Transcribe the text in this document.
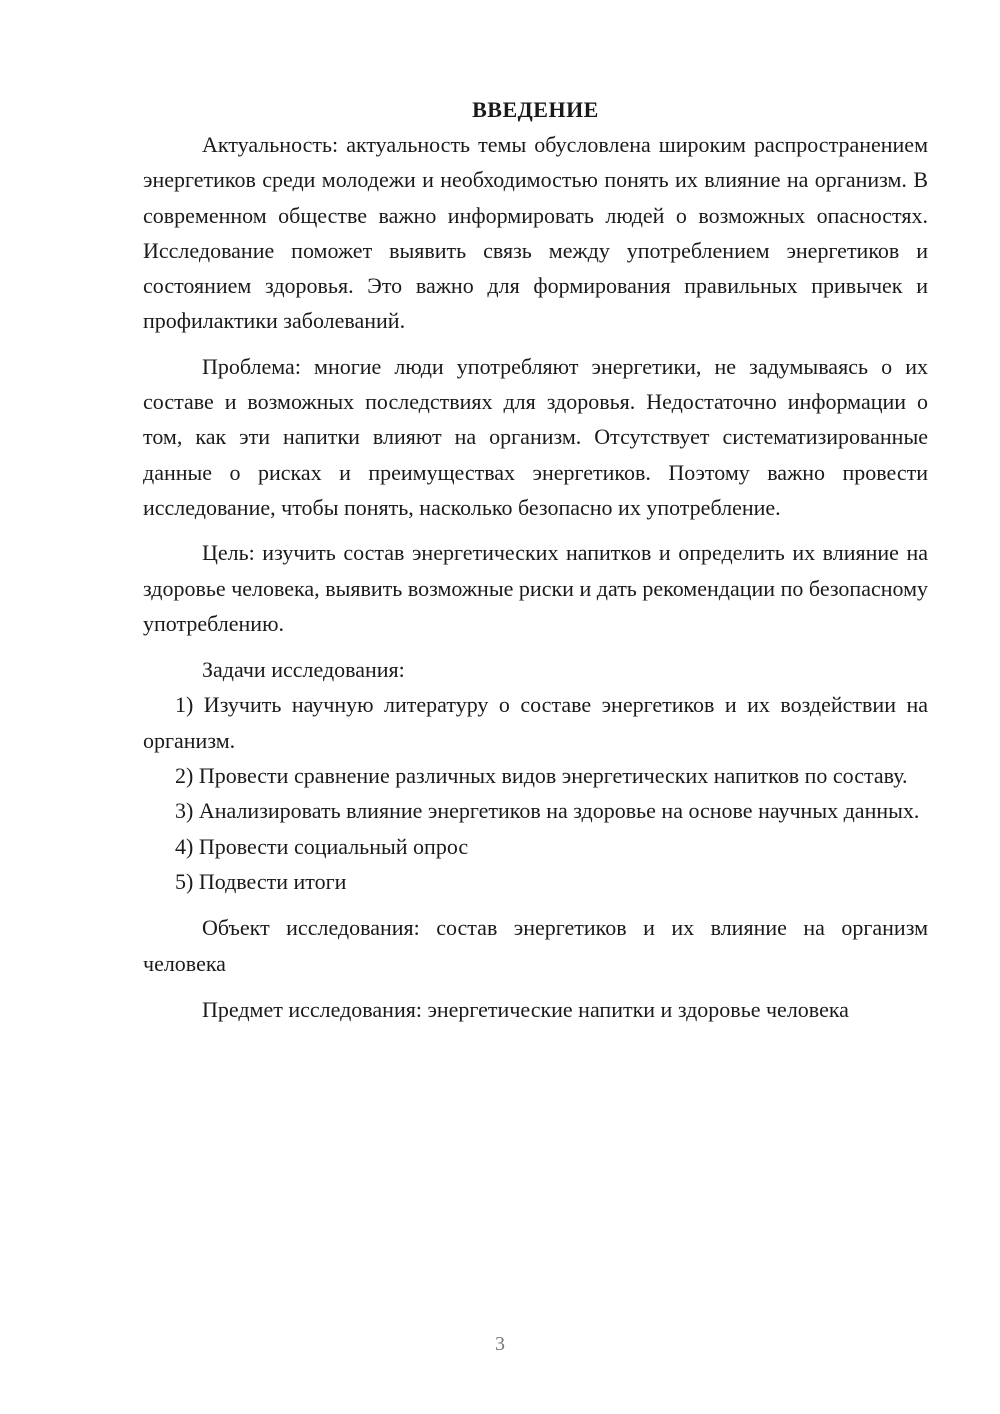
ВВЕДЕНИЕ

Актуальность: актуальность темы обусловлена широким распространением энергетиков среди молодежи и необходимостью понять их влияние на организм. В современном обществе важно информировать людей о возможных опасностях. Исследование поможет выявить связь между употреблением энергетиков и состоянием здоровья. Это важно для формирования правильных привычек и профилактики заболеваний.

Проблема: многие люди употребляют энергетики, не задумываясь о их составе и возможных последствиях для здоровья. Недостаточно информации о том, как эти напитки влияют на организм. Отсутствует систематизированные данные о рисках и преимуществах энергетиков. Поэтому важно провести исследование, чтобы понять, насколько безопасно их употребление.

Цель: изучить состав энергетических напитков и определить их влияние на здоровье человека, выявить возможные риски и дать рекомендации по безопасному употреблению.

Задачи исследования:

1) Изучить научную литературу о составе энергетиков и их воздействии на организм.

2) Провести сравнение различных видов энергетических напитков по составу.

3) Анализировать влияние энергетиков на здоровье на основе научных данных.

4) Провести социальный опрос

5) Подвести итоги

Объект исследования: состав энергетиков и их влияние на организм человека

Предмет исследования: энергетические напитки и здоровье человека

3
